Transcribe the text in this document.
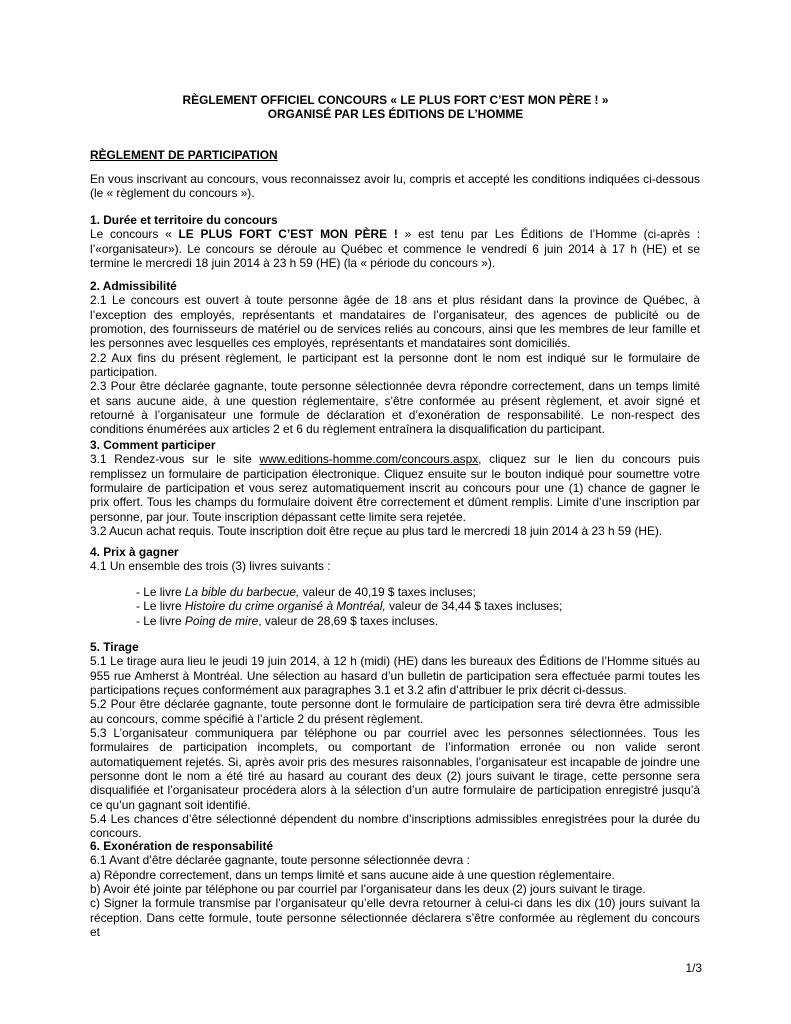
RÈGLEMENT OFFICIEL CONCOURS « LE PLUS FORT C’EST MON PÈRE ! »
ORGANISÉ PAR LES ÉDITIONS DE L’HOMME
RÈGLEMENT DE PARTICIPATION
En vous inscrivant au concours, vous reconnaissez avoir lu, compris et accepté les conditions indiquées ci-dessous (le « règlement du concours »).

1. Durée et territoire du concours

Le concours « LE PLUS FORT C’EST MON PÈRE ! » est tenu par Les Éditions de l’Homme (ci-après : l’«organisateur»). Le concours se déroule au Québec et commence le vendredi 6 juin 2014 à 17 h (HE) et se termine le mercredi 18 juin 2014 à 23 h 59 (HE) (la « période du concours »).

2. Admissibilité

2.1 Le concours est ouvert à toute personne âgée de 18 ans et plus résidant dans la province de Québec, à l’exception des employés, représentants et mandataires de l’organisateur, des agences de publicité ou de promotion, des fournisseurs de matériel ou de services reliés au concours, ainsi que les membres de leur famille et les personnes avec lesquelles ces employés, représentants et mandataires sont domiciliés.

2.2 Aux fins du présent règlement, le participant est la personne dont le nom est indiqué sur le formulaire de participation.

2.3 Pour être déclarée gagnante, toute personne sélectionnée devra répondre correctement, dans un temps limité et sans aucune aide, à une question réglementaire, s’être conformée au présent règlement, et avoir signé et retourné à l’organisateur une formule de déclaration et d’exonération de responsabilité. Le non-respect des conditions énumérées aux articles 2 et 6 du règlement entraînera la disqualification du participant.

3. Comment participer

3.1 Rendez-vous sur le site www.editions-homme.com/concours.aspx, cliquez sur le lien du concours puis remplissez un formulaire de participation électronique. Cliquez ensuite sur le bouton indiqué pour soumettre votre formulaire de participation et vous serez automatiquement inscrit au concours pour une (1) chance de gagner le prix offert. Tous les champs du formulaire doivent être correctement et dûment remplis. Limite d’une inscription par personne, par jour. Toute inscription dépassant cette limite sera rejetée.

3.2 Aucun achat requis. Toute inscription doit être reçue au plus tard le mercredi 18 juin 2014 à 23 h 59 (HE).

4. Prix à gagner

4.1 Un ensemble des trois (3) livres suivants :

- Le livre La bible du barbecue, valeur de 40,19 $ taxes incluses;
- Le livre Histoire du crime organisé à Montréal, valeur de 34,44 $ taxes incluses;
- Le livre Poing de mire, valeur de 28,69 $ taxes incluses.

5. Tirage

5.1 Le tirage aura lieu le jeudi 19 juin 2014, à 12 h (midi) (HE) dans les bureaux des Éditions de l’Homme situés au 955 rue Amherst à Montréal. Une sélection au hasard d’un bulletin de participation sera effectuée parmi toutes les participations reçues conformément aux paragraphes 3.1 et 3.2 afin d’attribuer le prix décrit ci-dessus.

5.2 Pour être déclarée gagnante, toute personne dont le formulaire de participation sera tiré devra être admissible au concours, comme spécifié à l’article 2 du présent règlement.

5.3 L’organisateur communiquera par téléphone ou par courriel avec les personnes sélectionnées. Tous les formulaires de participation incomplets, ou comportant de l’information erronée ou non valide seront automatiquement rejetés. Si, après avoir pris des mesures raisonnables, l’organisateur est incapable de joindre une personne dont le nom a été tiré au hasard au courant des deux (2) jours suivant le tirage, cette personne sera disqualifiée et l’organisateur procédera alors à la sélection d’un autre formulaire de participation enregistré jusqu’à ce qu’un gagnant soit identifié.

5.4 Les chances d’être sélectionné dépendent du nombre d’inscriptions admissibles enregistrées pour la durée du concours.

6. Exonération de responsabilité

6.1 Avant d’être déclarée gagnante, toute personne sélectionnée devra :

a) Répondre correctement, dans un temps limité et sans aucune aide à une question réglementaire.

b) Avoir été jointe par téléphone ou par courriel par l’organisateur dans les deux (2) jours suivant le tirage.

c) Signer la formule transmise par l’organisateur qu’elle devra retourner à celui-ci dans les dix (10) jours suivant la réception. Dans cette formule, toute personne sélectionnée déclarera s’être conformée au règlement du concours et

1/3
